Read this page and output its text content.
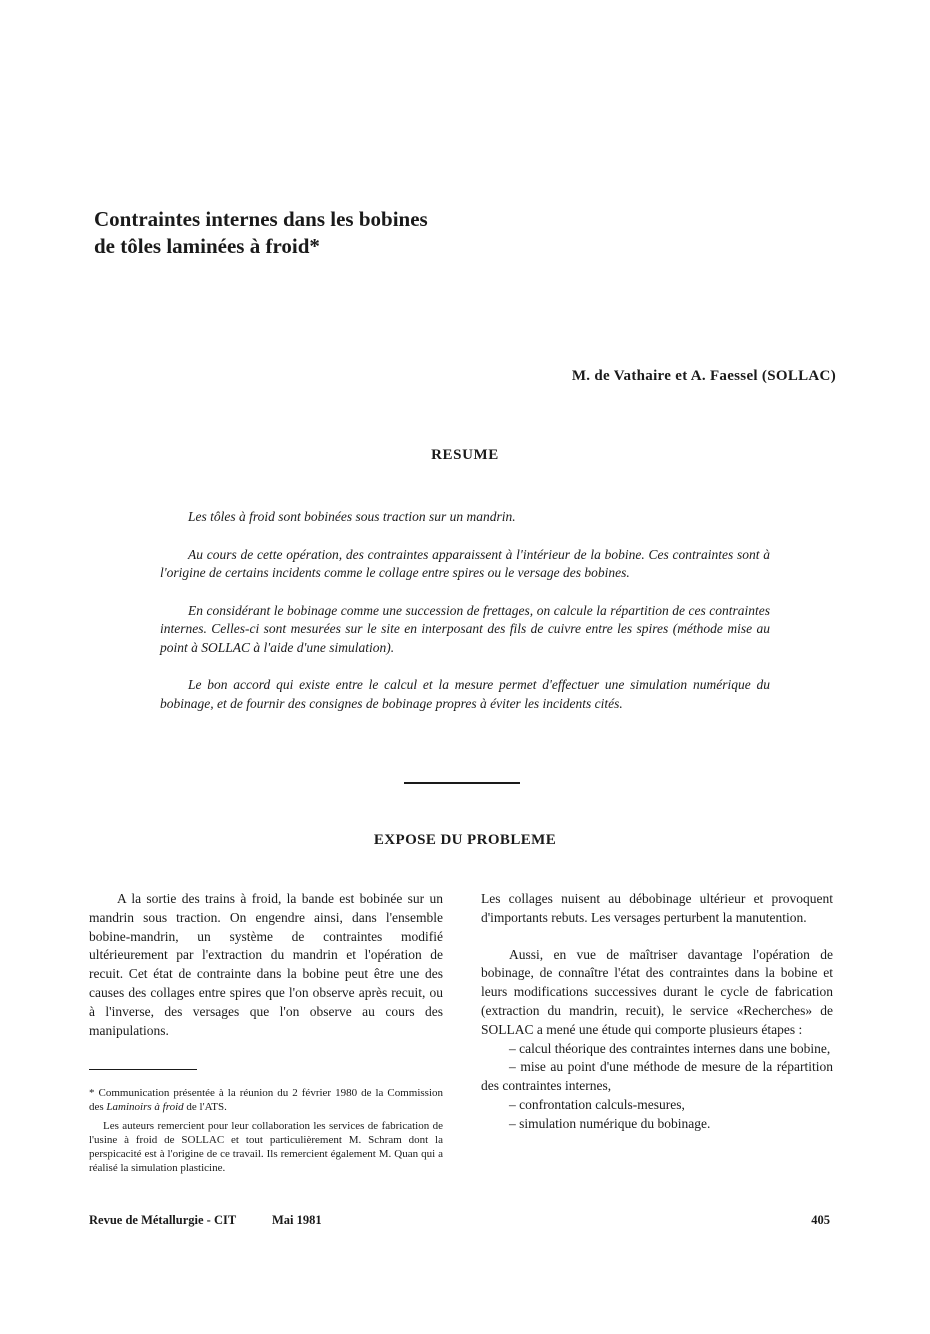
Contraintes internes dans les bobines
de tôles laminées à froid*
M. de Vathaire et A. Faessel (SOLLAC)
RESUME

Les tôles à froid sont bobinées sous traction sur un mandrin.

Au cours de cette opération, des contraintes apparaissent à l'intérieur de la bobine. Ces contraintes sont à l'origine de certains incidents comme le collage entre spires ou le versage des bobines.

En considérant le bobinage comme une succession de frettages, on calcule la répartition de ces contraintes internes. Celles-ci sont mesurées sur le site en interposant des fils de cuivre entre les spires (méthode mise au point à SOLLAC à l'aide d'une simulation).

Le bon accord qui existe entre le calcul et la mesure permet d'effectuer une simulation numérique du bobinage, et de fournir des consignes de bobinage propres à éviter les incidents cités.

EXPOSE DU PROBLEME

A la sortie des trains à froid, la bande est bobinée sur un mandrin sous traction. On engendre ainsi, dans l'ensemble bobine-mandrin, un système de contraintes modifié ultérieurement par l'extraction du mandrin et l'opération de recuit. Cet état de contrainte dans la bobine peut être une des causes des collages entre spires que l'on observe après recuit, ou à l'inverse, des versages que l'on observe au cours des manipulations.

Les collages nuisent au débobinage ultérieur et provoquent d'importants rebuts. Les versages perturbent la manutention.

Aussi, en vue de maîtriser davantage l'opération de bobinage, de connaître l'état des contraintes dans la bobine et leurs modifications successives durant le cycle de fabrication (extraction du mandrin, recuit), le service «Recherches» de SOLLAC a mené une étude qui comporte plusieurs étapes :

– calcul théorique des contraintes internes dans une bobine,

– mise au point d'une méthode de mesure de la répartition des contraintes internes,

– confrontation calculs-mesures,

– simulation numérique du bobinage.

* Communication présentée à la réunion du 2 février 1980 de la Commission des Laminoirs à froid de l'ATS.

Les auteurs remercient pour leur collaboration les services de fabrication de l'usine à froid de SOLLAC et tout particulièrement M. Schram dont la perspicacité est à l'origine de ce travail. Ils remercient également M. Quan qui a réalisé la simulation plasticine.

Revue de Métallurgie - CIT	Mai 1981	405
